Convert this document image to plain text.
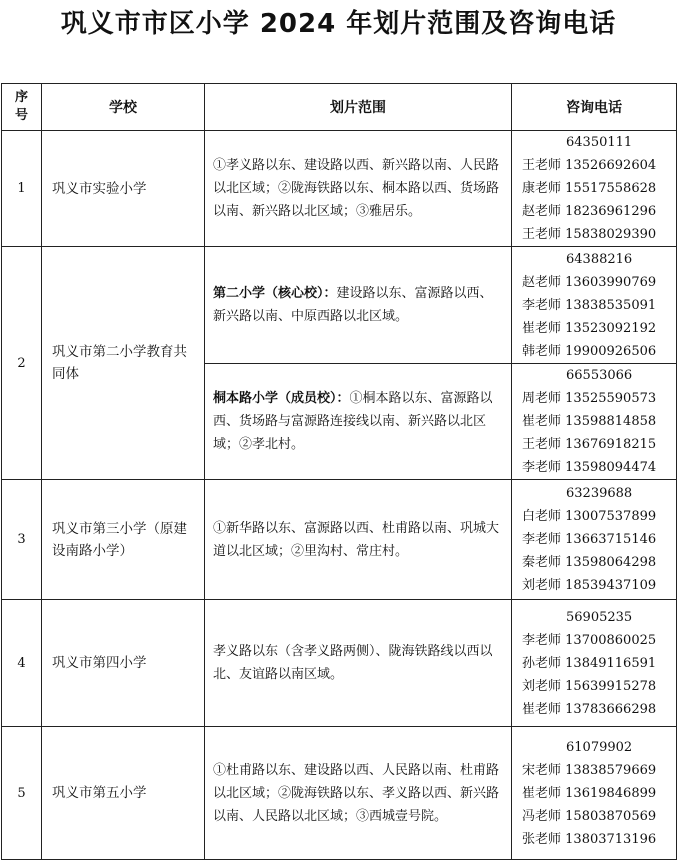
巩义市市区小学 2024 年划片范围及咨询电话
序
号	学校	划片范围	咨询电话
1	巩义市实验小学	①孝义路以东、建设路以西、新兴路以南、人民路以北区域；②陇海铁路以东、桐本路以西、货场路以南、新兴路以北区域；③雅居乐。	64350111
王老师 13526692604
康老师 15517558628
赵老师 18236961296
王老师 15838029390

2	巩义市第二小学教育共同体	第二小学（核心校）：建设路以东、富源路以西、新兴路以南、中原西路以北区域。	64388216
赵老师 13603990769
李老师 13838535091
崔老师 13523092192
韩老师 19900926506

		桐本路小学（成员校）：①桐本路以东、富源路以西、货场路与富源路连接线以南、新兴路以北区域；②孝北村。	66553066
周老师 13525590573
崔老师 13598814858
王老师 13676918215
李老师 13598094474

3	巩义市第三小学（原建设南路小学）	①新华路以东、富源路以西、杜甫路以南、巩城大道以北区域；②里沟村、常庄村。	63239688
白老师 13007537899
李老师 13663715146
秦老师 13598064298
刘老师 18539437109

4	巩义市第四小学	孝义路以东（含孝义路两侧）、陇海铁路线以西以北、友谊路以南区域。	56905235
李老师 13700860025
孙老师 13849116591
刘老师 15639915278
崔老师 13783666298

5	巩义市第五小学	①杜甫路以东、建设路以西、人民路以南、杜甫路以北区域；②陇海铁路以东、孝义路以西、新兴路以南、人民路以北区域；③西城壹号院。	61079902
宋老师 13838579669
崔老师 13619846899
冯老师 15803870569
张老师 13803713196
